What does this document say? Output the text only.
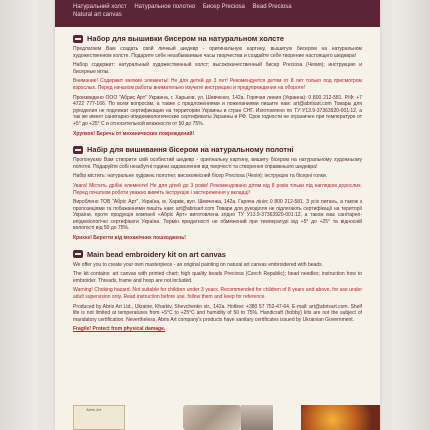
Натуральний холст Натуральное полотно Бисер Preciosa Bead Preciosa
Natural art canvas
Набор для вышивки бисером на натуральном холсте
Предлагаем Вам создать свой личный шедевр - оригинальную картину, вышитую бисером на натуральном художественном холсте. Подарите себе незабываемые часы творчества и создайте себе творение настоящего шедевра!
Набор содержит: натуральный художественный холст; высококачественный бисер Preciosa (Чехия); инструкцию и бисерные иглы.
Внимание! Содержит мелкие элементы! Не для детей до 3 лет! Рекомендуется детям от 8 лет только под присмотром взрослых. Перед началом работы внимательно изучите инструкцию и предупреждения на обороте!
Произведено ООО "Абрис Арт" Украина, г. Харьков, ул. Шевченко, 142а. Горячая линия (Украина): 0 800 212-581. Р/Ф: +7 4722 777-166. По всем вопросам, а также с предложениями и пожеланиями пишите нам: art@abrisart.com Товары для рукоделия не подлежат сертификации на территории Украины и стран СНГ. Изготовлено по ТУ У13.9-37363920-001:12, а так же имеет санитарно-эпидемиологические сертификаты Украины и РФ. Срок годности не ограничен при температуре от +5° до +25° С и относительной влажности от 50 до 75%.
Хрупкое! Беречь от механических повреждений!
Набір для вишивання бісером на натуральному полотні
Пропонуємо Вам створити свій особистий шедевр - оригінальну картину, вишиту бісером на натуральному художньому полотні. Подаруйте собі незабутні години задоволення від творчості та створення справжнього шедевра!
Набір містить: натуральне художнє полотно; високоякісний бісер Preciosa (Чехія); інструкцію та бісерні голки.
Увага! Містить дрібні елементи! Не для дітей до 3 років! Рекомендовано дітям від 8 років тільки під наглядом дорослих. Перед початком роботи уважно вивчіть інструкцію і застереження у вкладці!
Вироблено ТОВ "Абріс Арт", Україна, м. Харків, вул. Шевченка, 142а. Гаряча лінія: 0 800 212-581. З усіх питань, а також з пропозиціями та побажаннями пишіть нам: art@abrisart.com Товари для рукоділля не підлягають сертифікації на території України, проте продукція компанії «Абріс Арт» виготовлена згідно ТУ У13.9-37363920-001:12, а також має санітарно-епідеміологічні сертифікати України. Термін придатності не обмежений при температурі від +5° до +25° та відносній вологості від 50 до 75%.
Крихке! Берегти від механічних пошкоджень!
Main bead embroidery kit on art canvas
We offer you to create your own masterpiece - an original painting on natural art canvas embroidered with beads.
The kit contains: art canvas with printed chart; high quality beads Preciosa (Czech Republic); bead needles; instruction how to embroider. Threads, frame and hoop are not included.
Warning! Choking hazard. Not suitable for children under 3 years. Recommended for children of 8 years and above, for use under adult supervision only. Read instruction before use, follow them and keep for reference.
Produced by Abris Art Ltd., Ukraine, Kharkiv, Shevchenko str., 142a. Hotline: +380 57 752-47-64. E-mail: art@abrisart.com. Shelf life is not limited at temperatures from +5°C to +25°C and humidity of 50 to 75%. Handicraft (hobby) kits are not the subject of mandatory certification. Nevertheless, Abris Art company's products have sanitary certificates issued by Ukrainian Government.
Fragile! Protect from physical damage.
Abris Art
